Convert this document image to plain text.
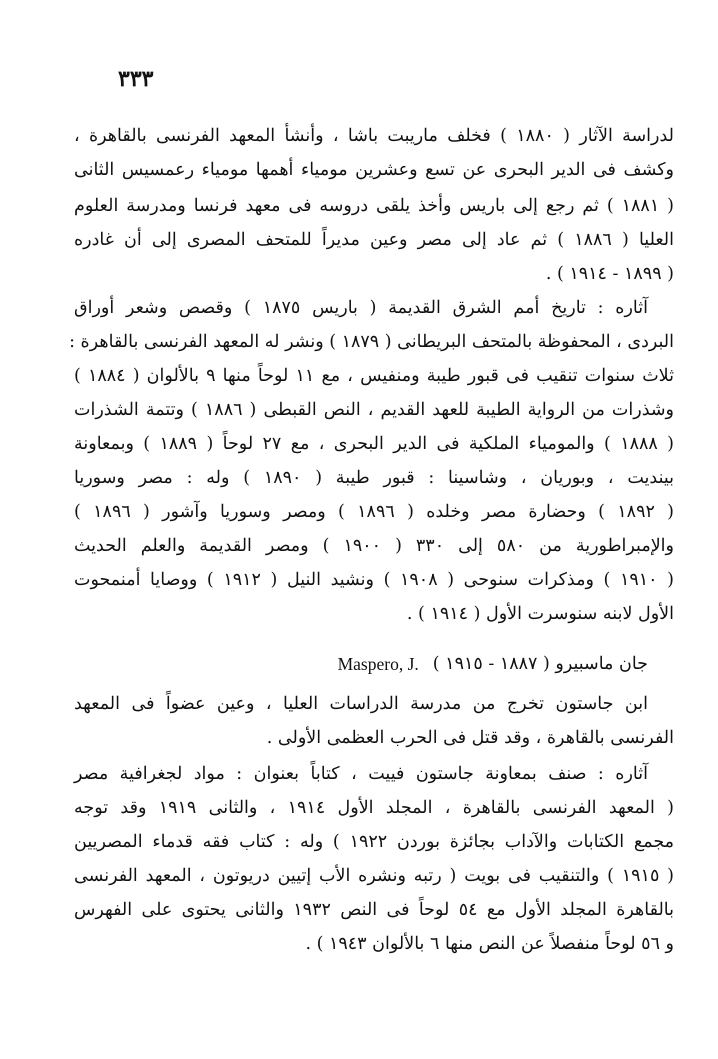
٣٣٣
لدراسة الآثار ( ١٨٨٠ ) فخلف ماريبت باشا ، وأنشأ المعهد الفرنسى بالقاهرة ،
وكشف فى الدير البحرى عن تسع وعشرين مومياء أهمها مومياء رعمسيس الثانى
( ١٨٨١ ) ثم رجع إلى باريس وأخذ يلقى دروسه فى معهد فرنسا ومدرسة العلوم
العليا ( ١٨٨٦ ) ثم عاد إلى مصر وعين مديراً للمتحف المصرى إلى أن غادره
( ١٨٩٩ - ١٩١٤ ) .
آثاره : تاريخ أمم الشرق القديمة ( باريس ١٨٧٥ ) وقصص وشعر أوراق
البردى ، المحفوظة بالمتحف البريطانى ( ١٨٧٩ ) ونشر له المعهد الفرنسى بالقاهرة :
ثلاث سنوات تنقيب فى قبور طيبة ومنفيس ، مع ١١ لوحاً منها ٩ بالألوان ( ١٨٨٤ )
وشذرات من الرواية الطيبة للعهد القديم ، النص القبطى ( ١٨٨٦ ) وتتمة الشذرات
( ١٨٨٨ ) والمومياء الملكية فى الدير البحرى ، مع ٢٧ لوحاً ( ١٨٨٩ ) وبمعاونة
بينديت ، وبوريان ، وشاسينا : قبور طيبة ( ١٨٩٠ ) وله : مصر وسوريا
( ١٨٩٢ ) وحضارة مصر وخلده ( ١٨٩٦ ) ومصر وسوريا وآشور ( ١٨٩٦ )
والإمبراطورية من ٥٨٠ إلى ٣٣٠ ( ١٩٠٠ ) ومصر القديمة والعلم الحديث
( ١٩١٠ ) ومذكرات سنوحى ( ١٩٠٨ ) ونشيد النيل ( ١٩١٢ ) ووصايا أمنمحوت
الأول لابنه سنوسرت الأول ( ١٩١٤ ) .
جان ماسبيرو ( ١٨٨٧ - ١٩١٥ )
Maspero, J.
ابن جاستون تخرج من مدرسة الدراسات العليا ، وعين عضواً فى المعهد
الفرنسى بالقاهرة ، وقد قتل فى الحرب العظمى الأولى .
آثاره : صنف بمعاونة جاستون فييت ، كتاباً بعنوان : مواد لجغرافية مصر
( المعهد الفرنسى بالقاهرة ، المجلد الأول ١٩١٤ ، والثانى ١٩١٩ وقد توجه
مجمع الكتابات والآداب بجائزة بوردن ١٩٢٢ ) وله : كتاب فقه قدماء المصريين
( ١٩١٥ ) والتنقيب فى بويت ( رتبه ونشره الأب إتيين دريوتون ، المعهد الفرنسى
بالقاهرة المجلد الأول مع ٥٤ لوحاً فى النص ١٩٣٢ والثانى يحتوى على الفهرس
و ٥٦ لوحاً منفصلاً عن النص منها ٦ بالألوان ١٩٤٣ ) .
